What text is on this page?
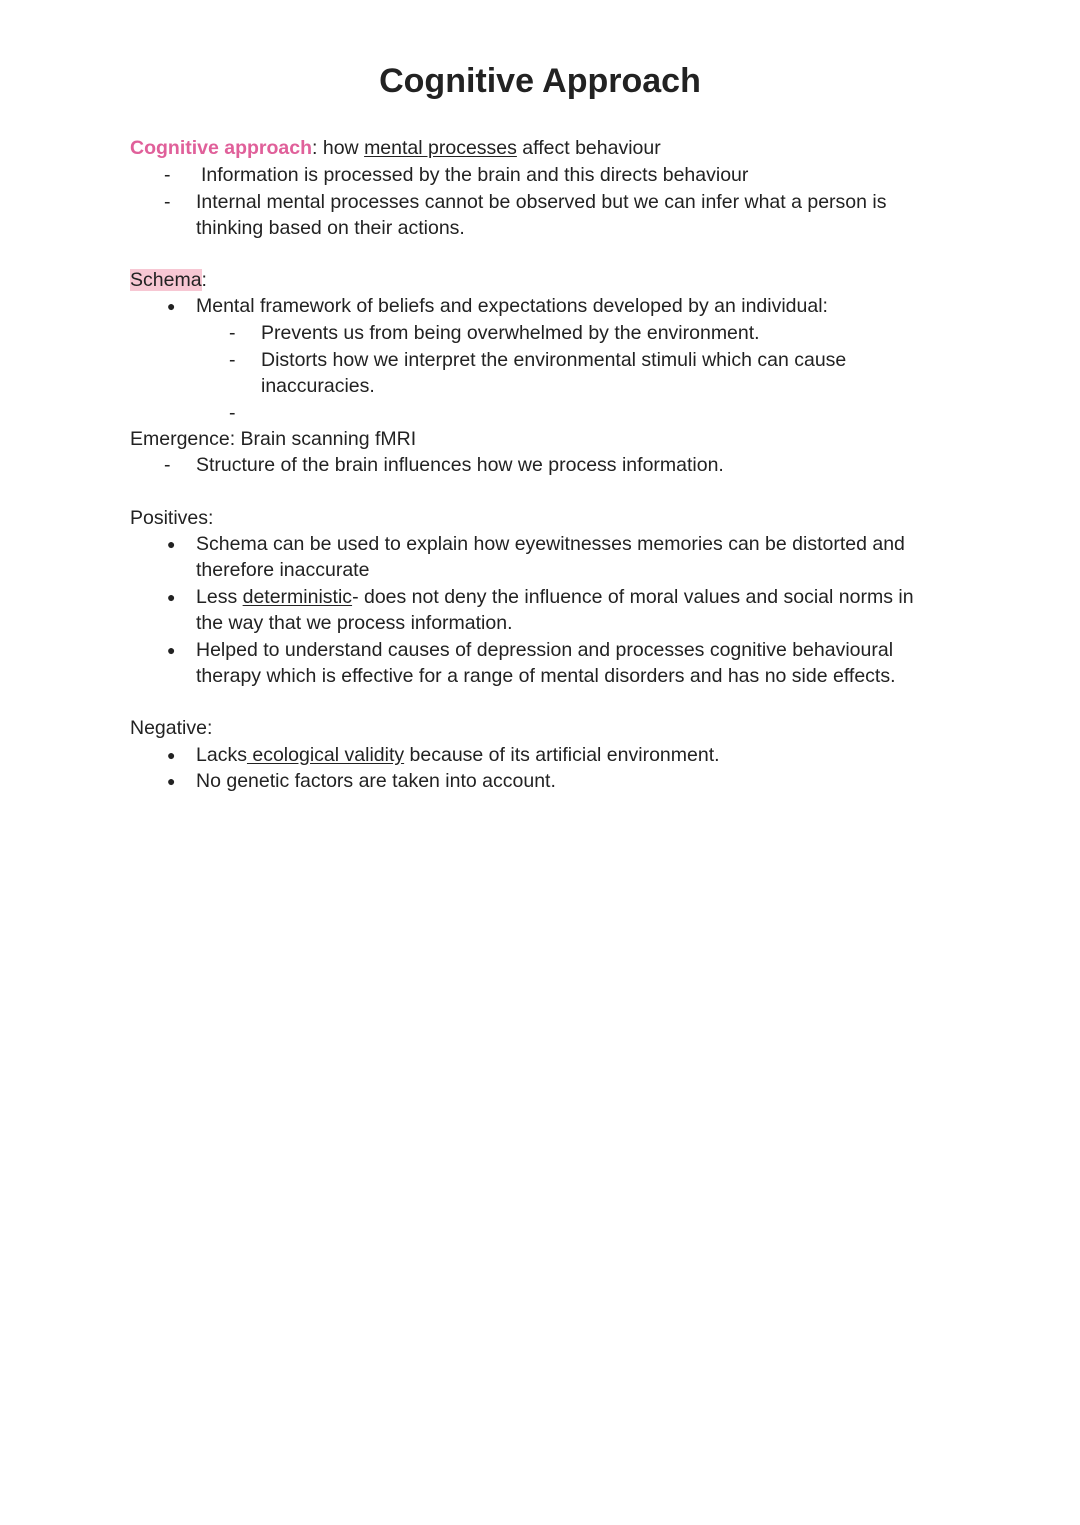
Cognitive Approach
Cognitive approach: how mental processes affect behaviour
- Information is processed by the brain and this directs behaviour
- Internal mental processes cannot be observed but we can infer what a person is
thinking based on their actions.
Schema:
● Mental framework of beliefs and expectations developed by an individual:
- Prevents us from being overwhelmed by the environment.
- Distorts how we interpret the environmental stimuli which can cause
inaccuracies.
-
Emergence: Brain scanning fMRI
- Structure of the brain influences how we process information.
Positives:
● Schema can be used to explain how eyewitnesses memories can be distorted and
therefore inaccurate
● Less deterministic- does not deny the influence of moral values and social norms in
the way that we process information.
● Helped to understand causes of depression and processes cognitive behavioural
therapy which is effective for a range of mental disorders and has no side effects.
Negative:
● Lacks ecological validity because of its artificial environment.
● No genetic factors are taken into account.
